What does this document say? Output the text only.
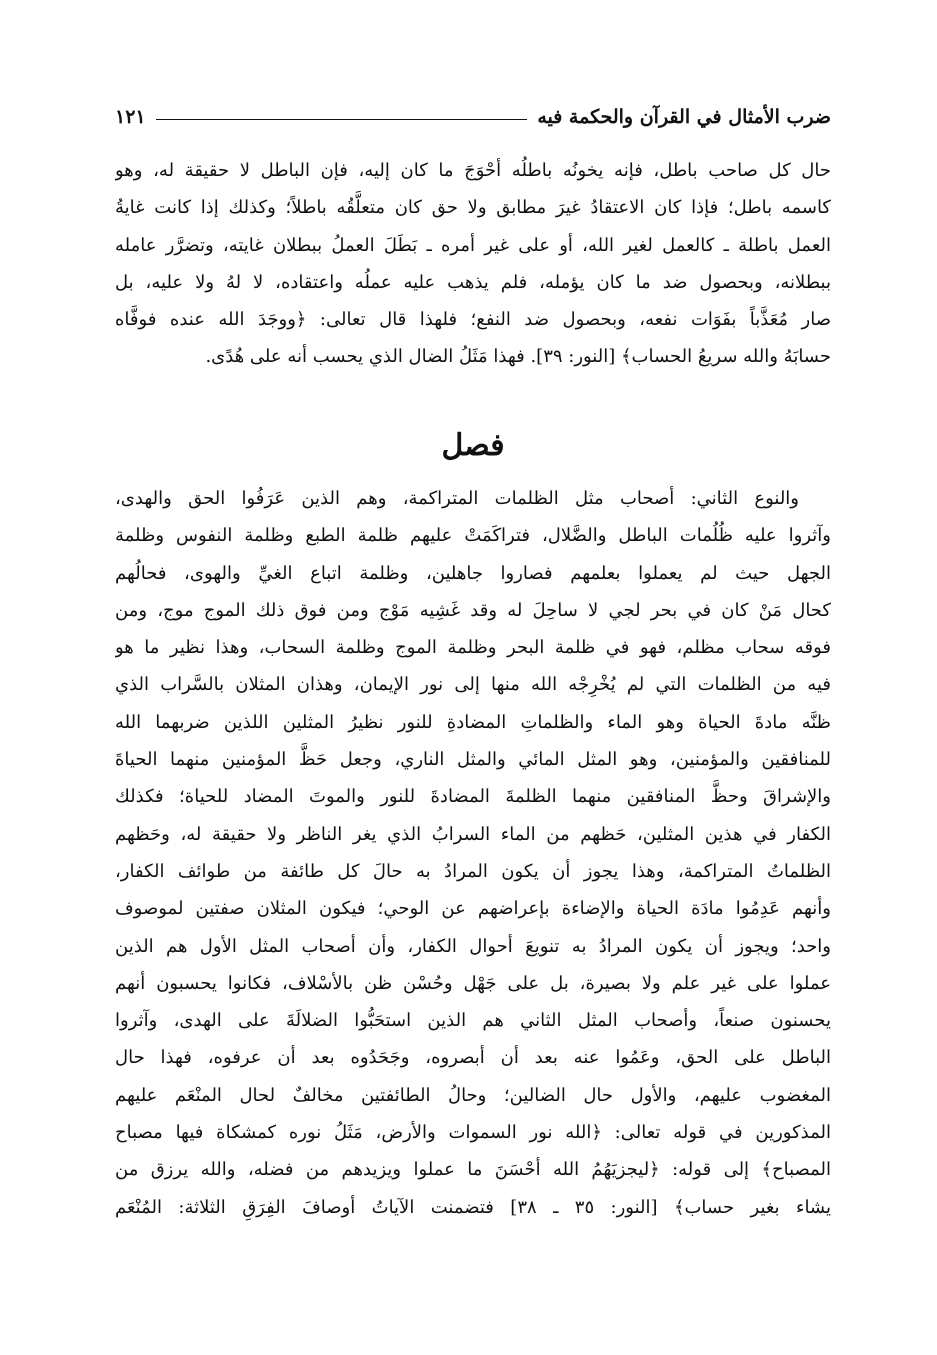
ضرب الأمثال في القرآن والحكمة فيه
١٢١
حال كل صاحب باطل، فإنه يخونُه باطلُه أحْوَجَ ما كان إليه، فإن الباطل لا حقيقة له، وهو
كاسمه باطل؛ فإذا كان الاعتقادُ غيرَ مطابق ولا حق كان متعلَّقُه باطلاً؛ وكذلك إذا كانت غايةُ
العمل باطلة ـ كالعمل لغير الله، أو على غير أمره ـ بَطَلَ العملُ ببطلان غايته، وتضرَّر عامله
ببطلانه، وبحصول ضد ما كان يؤمله، فلم يذهب عليه عملُه واعتقاده، لا لهُ ولا عليه، بل
صار مُعَذَّباً بفَوَات نفعه، وبحصول ضد النفع؛ فلهذا قال تعالى: ﴿ووجَدَ الله عنده فوفَّاه
حسابَهُ والله سريعُ الحساب﴾ [النور: ٣٩]. فهذا مَثَلُ الضال الذي يحسب أنه على هُدًى.
فصل
والنوع الثاني: أصحاب مثل الظلمات المتراكمة، وهم الذين عَرَفُوا الحق والهدى،
وآثروا عليه ظُلُمات الباطل والضَّلال، فتراكَمَتْ عليهم ظلمة الطبع وظلمة النفوس وظلمة
الجهل حيث لم يعملوا بعلمهم فصاروا جاهلين، وظلمة اتباع الغيِّ والهوى، فحالُهم
كحال مَنْ كان في بحر لجي لا ساحِلَ له وقد غَشِيه مَوْج ومن فوق ذلك الموج موج، ومن
فوقه سحاب مظلم، فهو في ظلمة البحر وظلمة الموج وظلمة السحاب، وهذا نظير ما هو
فيه من الظلمات التي لم يُخْرِجْه الله منها إلى نور الإيمان، وهذان المثلان بالسَّراب الذي
ظنَّه مادةَ الحياة وهو الماء والظلماتِ المضادةِ للنور نظيرُ المثلين اللذين ضربهما الله
للمنافقين والمؤمنين، وهو المثل المائي والمثل الناري، وجعل حَظَّ المؤمنين منهما الحياةَ
والإشراقَ وحظَّ المنافقين منهما الظلمةَ المضادةَ للنور والموتَ المضاد للحياة؛ فكذلك
الكفار في هذين المثلين، حَظهم من الماء السرابُ الذي يغر الناظر ولا حقيقة له، وحَظهم
الظلماتُ المتراكمة، وهذا يجوز أن يكون المرادُ به حالَ كل طائفة من طوائف الكفار،
وأنهم عَدِمُوا مادَة الحياة والإضاءة بإعراضهم عن الوحي؛ فيكون المثلان صفتين لموصوف
واحد؛ ويجوز أن يكون المرادُ به تنويعَ أحوال الكفار، وأن أصحاب المثل الأول هم الذين
عملوا على غير علم ولا بصيرة، بل على جَهْل وحُسْن ظن بالأسْلاف، فكانوا يحسبون أنهم
يحسنون صنعاً، وأصحاب المثل الثاني هم الذين استحَبُّوا الضلالَةَ على الهدى، وآثروا
الباطل على الحق، وعَمُوا عنه بعد أن أبصروه، وجَحَدُوه بعد أن عرفوه، فهذا حال
المغضوب عليهم، والأول حال الضالين؛ وحالُ الطائفتين مخالفٌ لحال المنْعَم عليهم
المذكورين في قوله تعالى: ﴿الله نور السموات والأرض، مَثَلُ نوره كمشكاة فيها مصباح
المصباح﴾ إلى قوله: ﴿ليجزيَهُمُ الله أحْسَنَ ما عملوا ويزيدهم من فضله، والله يرزق من
يشاء بغير حساب﴾ [النور: ٣٥ ـ ٣٨] فتضمنت الآياتُ أوصافَ الفِرَقِ الثلاثة: المُنْعَم
